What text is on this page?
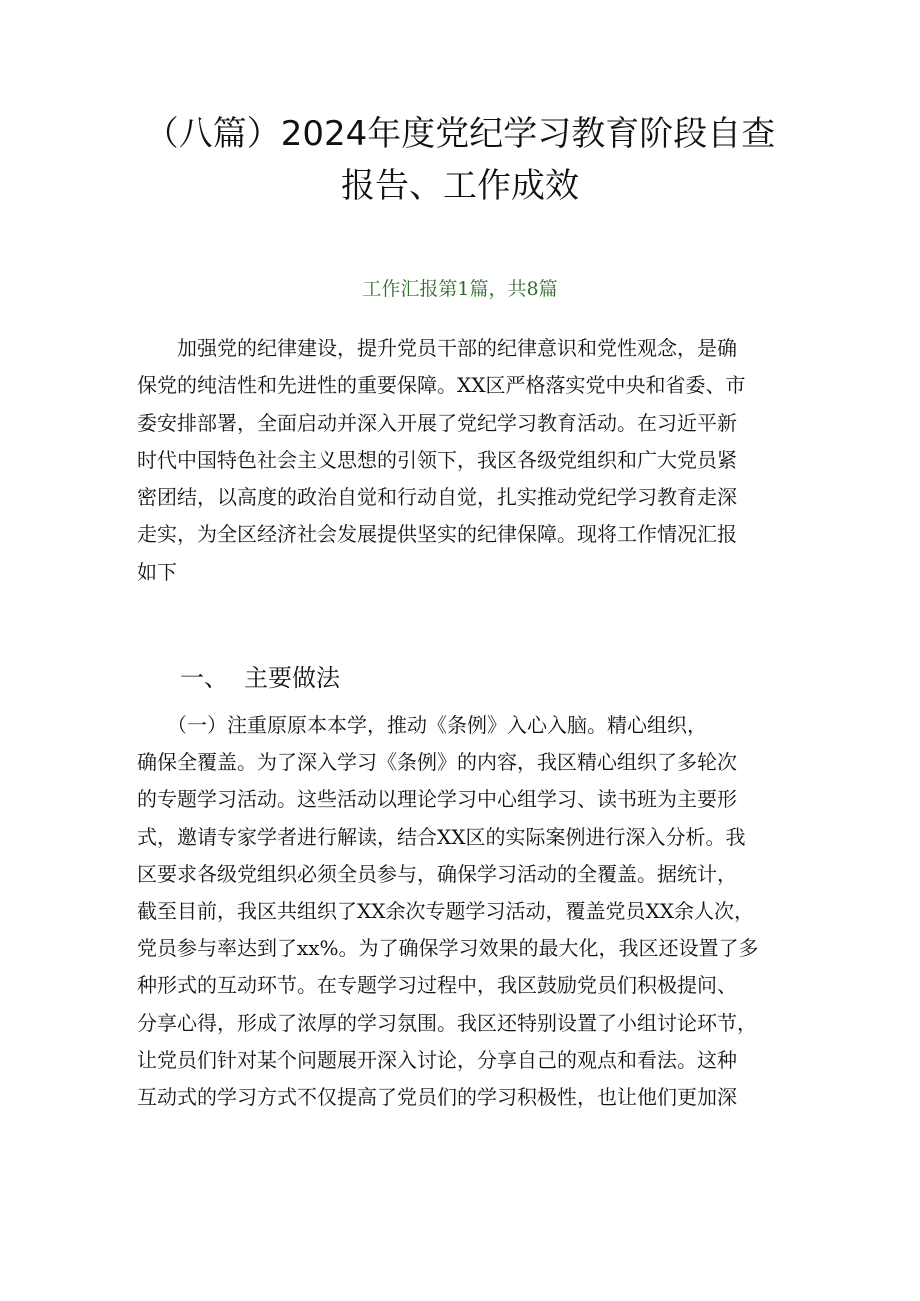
（八篇）2024年度党纪学习教育阶段自查
报告、工作成效
工作汇报第1篇，共8篇
　　加强党的纪律建设，提升党员干部的纪律意识和党性观念，是确
保党的纯洁性和先进性的重要保障。XX区严格落实党中央和省委、市
委安排部署，全面启动并深入开展了党纪学习教育活动。在习近平新
时代中国特色社会主义思想的引领下，我区各级党组织和广大党员紧
密团结，以高度的政治自觉和行动自觉，扎实推动党纪学习教育走深
走实，为全区经济社会发展提供坚实的纪律保障。现将工作情况汇报
如下
一、 主要做法
　　（一）注重原原本本学，推动《条例》入心入脑。精心组织，
确保全覆盖。为了深入学习《条例》的内容，我区精心组织了多轮次
的专题学习活动。这些活动以理论学习中心组学习、读书班为主要形
式，邀请专家学者进行解读，结合XX区的实际案例进行深入分析。我
区要求各级党组织必须全员参与，确保学习活动的全覆盖。据统计，
截至目前，我区共组织了XX余次专题学习活动，覆盖党员XX余人次，
党员参与率达到了xx%。为了确保学习效果的最大化，我区还设置了多
种形式的互动环节。在专题学习过程中，我区鼓励党员们积极提问、
分享心得，形成了浓厚的学习氛围。我区还特别设置了小组讨论环节，
让党员们针对某个问题展开深入讨论，分享自己的观点和看法。这种
互动式的学习方式不仅提高了党员们的学习积极性，也让他们更加深
